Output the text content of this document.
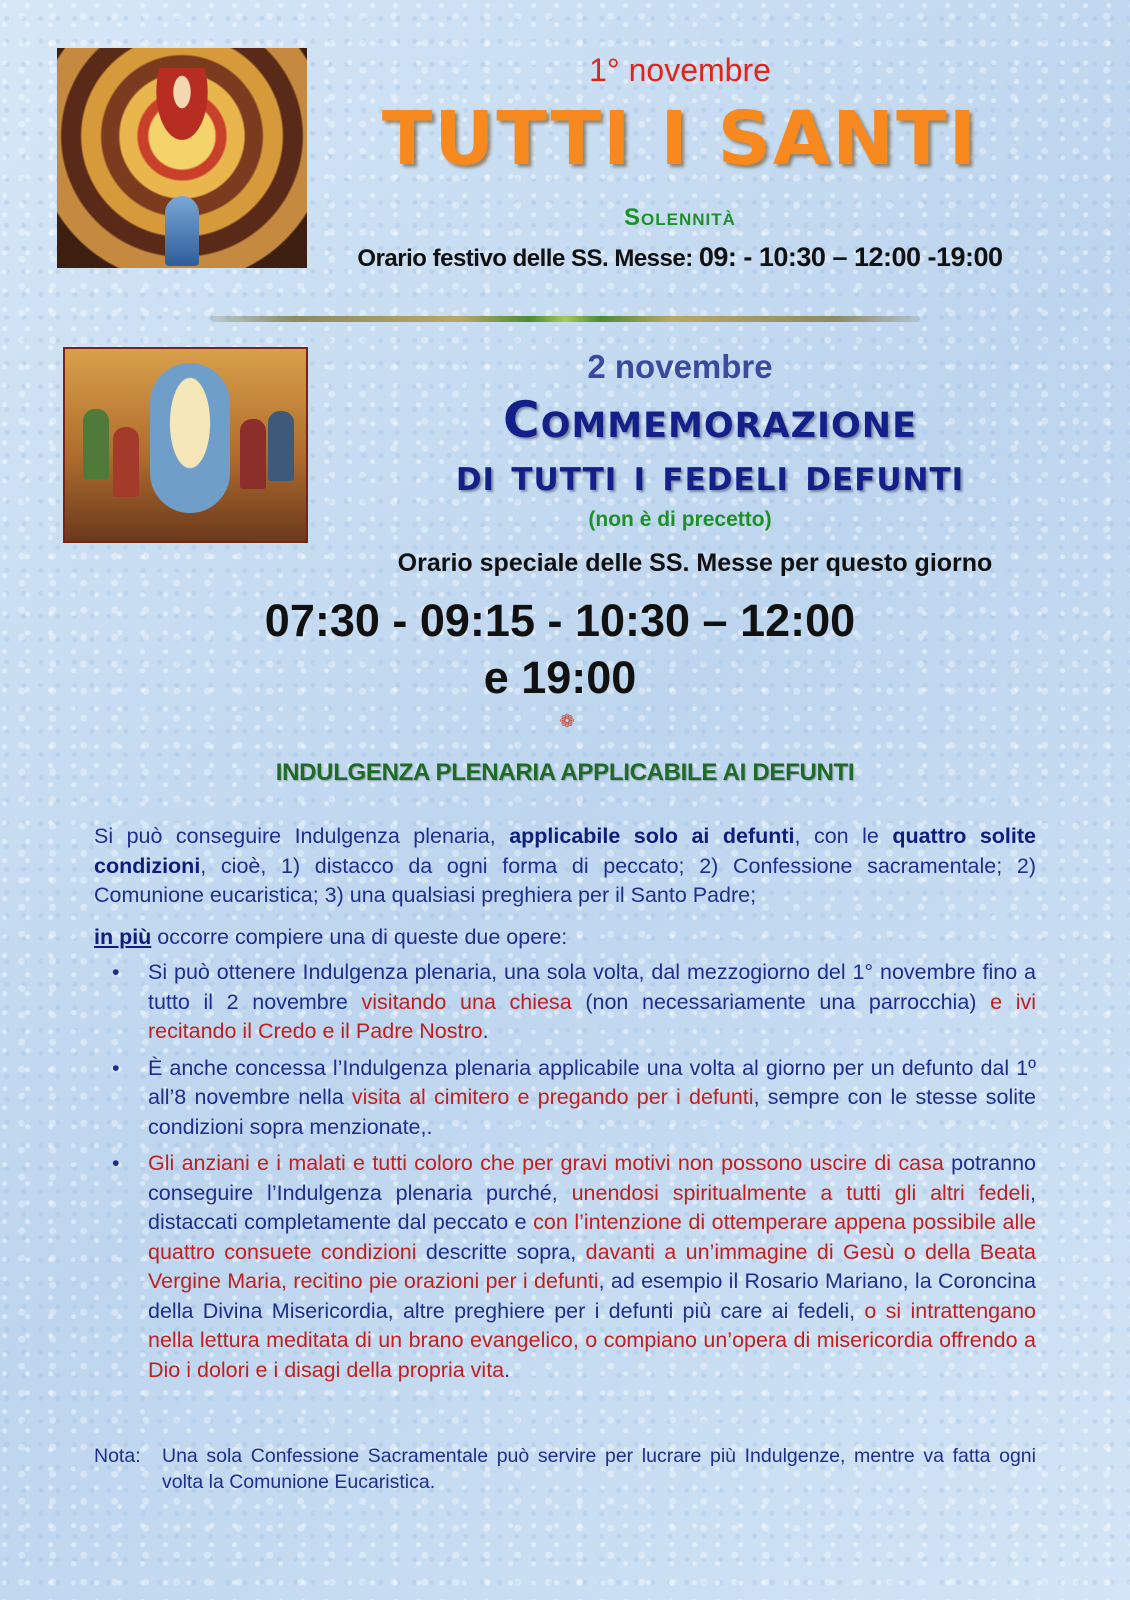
1° novembre
TUTTI I SANTI
Solennità
Orario festivo delle SS. Messe: 09: - 10:30 – 12:00 -19:00
2 novembre
Commemorazione
di tutti i fedeli defunti
(non è di precetto)
Orario speciale delle SS. Messe per questo giorno
07:30 - 09:15 - 10:30 – 12:00
e 19:00
❁
INDULGENZA PLENARIA APPLICABILE AI DEFUNTI
Si può conseguire Indulgenza plenaria, applicabile solo ai defunti, con le quattro solite condizioni, cioè, 1) distacco da ogni forma di peccato; 2) Confessione sacramentale; 2) Comunione eucaristica; 3) una qualsiasi preghiera per il Santo Padre;
in più occorre compiere una di queste due opere:
• Si può ottenere Indulgenza plenaria, una sola volta, dal mezzogiorno del 1° novembre fino a tutto il 2 novembre visitando una chiesa (non necessariamente una parrocchia) e ivi recitando il Credo e il Padre Nostro.
• È anche concessa l’Indulgenza plenaria applicabile una volta al giorno per un defunto dal 1º all’8 novembre nella visita al cimitero e pregando per i defunti, sempre con le stesse solite condizioni sopra menzionate,.
• Gli anziani e i malati e tutti coloro che per gravi motivi non possono uscire di casa potranno conseguire l’Indulgenza plenaria purché, unendosi spiritualmente a tutti gli altri fedeli, distaccati completamente dal peccato e con l’intenzione di ottemperare appena possibile alle quattro consuete condizioni descritte sopra, davanti a un’immagine di Gesù o della Beata Vergine Maria, recitino pie orazioni per i defunti, ad esempio il Rosario Mariano, la Coroncina della Divina Misericordia, altre preghiere per i defunti più care ai fedeli, o si intrattengano nella lettura meditata di un brano evangelico, o compiano un’opera di misericordia offrendo a Dio i dolori e i disagi della propria vita.
Nota: Una sola Confessione Sacramentale può servire per lucrare più Indulgenze, mentre va fatta ogni volta la Comunione Eucaristica.
